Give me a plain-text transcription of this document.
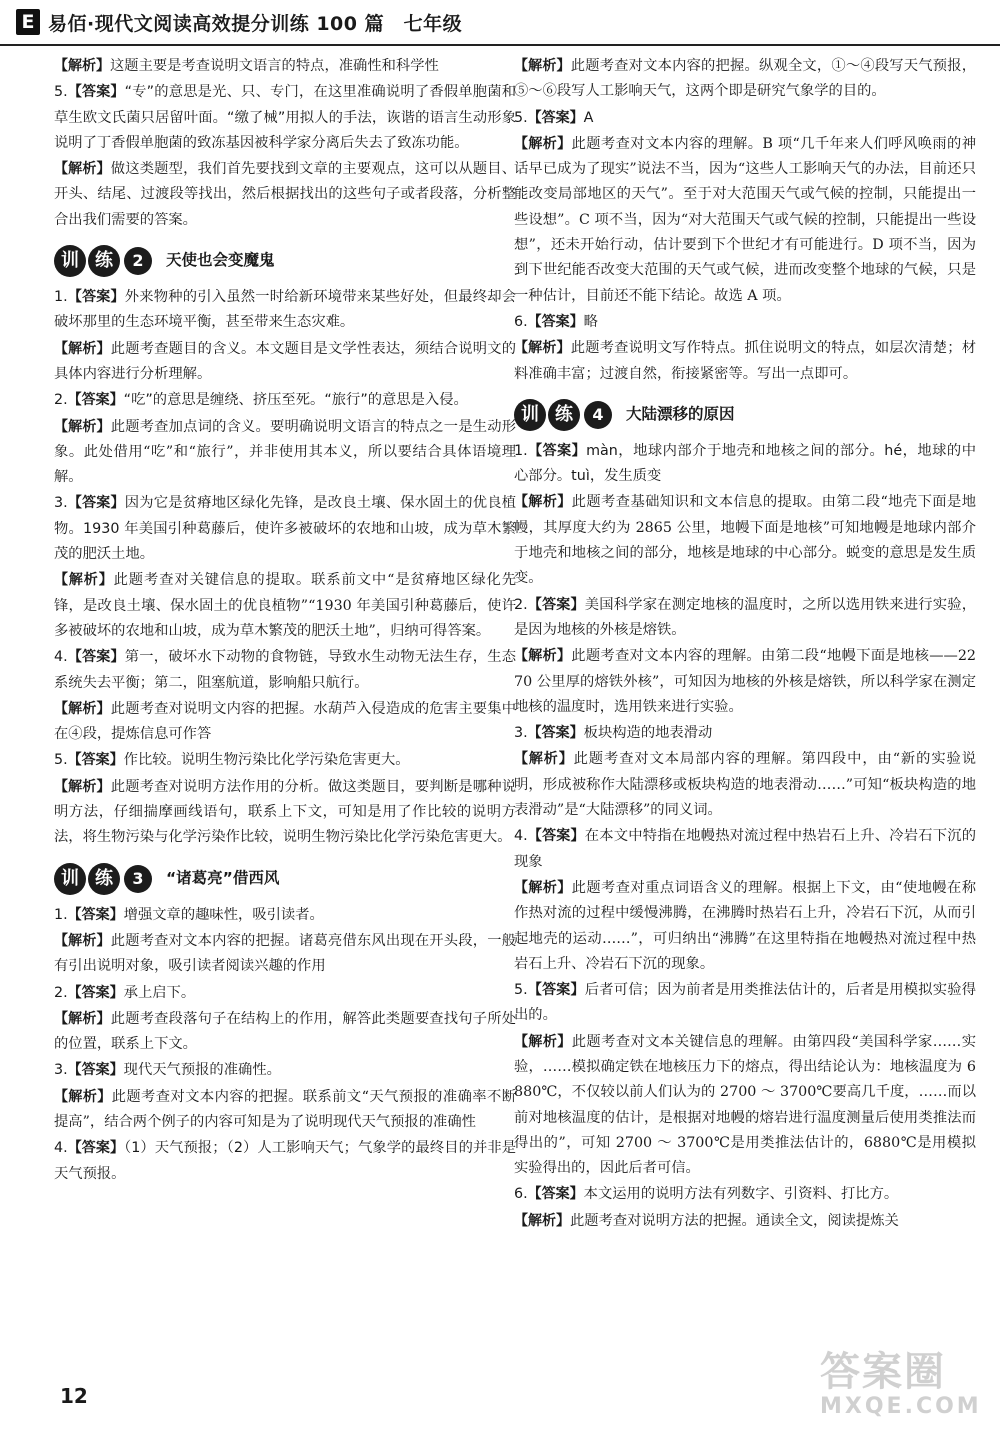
E 易佰·现代文阅读高效提分训练 100 篇　七年级

【解析】这题主要是考查说明文语言的特点，准确性和科学性

5.【答案】“专”的意思是光、只、专门，在这里准确说明了香假单胞菌和草生欧文氏菌只居留叶面。“缴了械”用拟人的手法，诙谐的语言生动形象说明了丁香假单胞菌的致冻基因被科学家分离后失去了致冻功能。

【解析】做这类题型，我们首先要找到文章的主要观点，这可以从题目、开头、结尾、过渡段等找出，然后根据找出的这些句子或者段落，分析整合出我们需要的答案。

训 练	2	天使也会变魔鬼

1.【答案】外来物种的引入虽然一时给新环境带来某些好处，但最终却会破坏那里的生态环境平衡，甚至带来生态灾难。

【解析】此题考查题目的含义。本文题目是文学性表达，须结合说明文的具体内容进行分析理解。

2.【答案】“吃”的意思是缠绕、挤压至死。“旅行”的意思是入侵。

【解析】此题考查加点词的含义。要明确说明文语言的特点之一是生动形象。此处借用“吃”和“旅行”，并非使用其本义，所以要结合具体语境理解。

3.【答案】因为它是贫瘠地区绿化先锋，是改良土壤、保水固土的优良植物。1930 年美国引种葛藤后，使许多被破坏的农地和山坡，成为草木繁茂的肥沃土地。

【解析】此题考查对关键信息的提取。联系前文中“是贫瘠地区绿化先锋，是改良土壤、保水固土的优良植物”“1930 年美国引种葛藤后，使许多被破坏的农地和山坡，成为草木繁茂的肥沃土地”，归纳可得答案。

4.【答案】第一，破坏水下动物的食物链，导致水生动物无法生存，生态系统失去平衡；第二，阻塞航道，影响船只航行。

【解析】此题考查对说明文内容的把握。水葫芦入侵造成的危害主要集中在④段，提炼信息可作答

5.【答案】作比较。说明生物污染比化学污染危害更大。

【解析】此题考查对说明方法作用的分析。做这类题目，要判断是哪种说明方法，仔细揣摩画线语句，联系上下文，可知是用了作比较的说明方法，将生物污染与化学污染作比较，说明生物污染比化学污染危害更大。

训 练	3	“诸葛亮”借西风

1.【答案】增强文章的趣味性，吸引读者。

【解析】此题考查对文本内容的把握。诸葛亮借东风出现在开头段，一般有引出说明对象，吸引读者阅读兴趣的作用

2.【答案】承上启下。

【解析】此题考查段落句子在结构上的作用，解答此类题要查找句子所处的位置，联系上下文。

3.【答案】现代天气预报的准确性。

【解析】此题考查对文本内容的把握。联系前文“天气预报的准确率不断提高”，结合两个例子的内容可知是为了说明现代天气预报的准确性

4.【答案】（1）天气预报；（2）人工影响天气；气象学的最终目的并非是天气预报。

【解析】此题考查对文本内容的把握。纵观全文，①～④段写天气预报，⑤～⑥段写人工影响天气，这两个即是研究气象学的目的。

5.【答案】A

【解析】此题考查对文本内容的理解。B 项“几千年来人们呼风唤雨的神话早已成为了现实”说法不当，因为“这些人工影响天气的办法，目前还只能改变局部地区的天气”。至于对大范围天气或气候的控制，只能提出一些设想”。C 项不当，因为“对大范围天气或气候的控制，只能提出一些设想”，还未开始行动，估计要到下个世纪才有可能进行。D 项不当，因为到下世纪能否改变大范围的天气或气候，进而改变整个地球的气候，只是一种估计，目前还不能下结论。故选 A 项。

6.【答案】略

【解析】此题考查说明文写作特点。抓住说明文的特点，如层次清楚；材料准确丰富；过渡自然，衔接紧密等。写出一点即可。

训 练	4	大陆漂移的原因

1.【答案】màn，地球内部介于地壳和地核之间的部分。hé，地球的中心部分。tuì，发生质变

【解析】此题考查基础知识和文本信息的提取。由第二段“地壳下面是地幔，其厚度大约为 2865 公里，地幔下面是地核”可知地幔是地球内部介于地壳和地核之间的部分，地核是地球的中心部分。蜕变的意思是发生质变。

2.【答案】美国科学家在测定地核的温度时，之所以选用铁来进行实验，是因为地核的外核是熔铁。

【解析】此题考查对文本内容的理解。由第二段“地幔下面是地核——2270 公里厚的熔铁外核”，可知因为地核的外核是熔铁，所以科学家在测定地核的温度时，选用铁来进行实验。

3.【答案】板块构造的地表滑动

【解析】此题考查对文本局部内容的理解。第四段中，由“新的实验说明，形成被称作大陆漂移或板块构造的地表滑动……”可知“板块构造的地表滑动”是“大陆漂移”的同义词。

4.【答案】在本文中特指在地幔热对流过程中热岩石上升、冷岩石下沉的现象

【解析】此题考查对重点词语含义的理解。根据上下文，由“使地幔在称作热对流的过程中缓慢沸腾，在沸腾时热岩石上升，冷岩石下沉，从而引起地壳的运动……”，可归纳出“沸腾”在这里特指在地幔热对流过程中热岩石上升、冷岩石下沉的现象。

5.【答案】后者可信；因为前者是用类推法估计的，后者是用模拟实验得出的。

【解析】此题考查对文本关键信息的理解。由第四段“美国科学家……实验，……模拟确定铁在地核压力下的熔点，得出结论认为：地核温度为 6880℃，不仅较以前人们认为的 2700 ～ 3700℃要高几千度，……而以前对地核温度的估计，是根据对地幔的熔岩进行温度测量后使用类推法而得出的”，可知 2700 ～ 3700℃是用类推法估计的，6880℃是用模拟实验得出的，因此后者可信。

6.【答案】本文运用的说明方法有列数字、引资料、打比方。

【解析】此题考查对说明方法的把握。通读全文，阅读提炼关

12
答案圈
MXQE.COM
